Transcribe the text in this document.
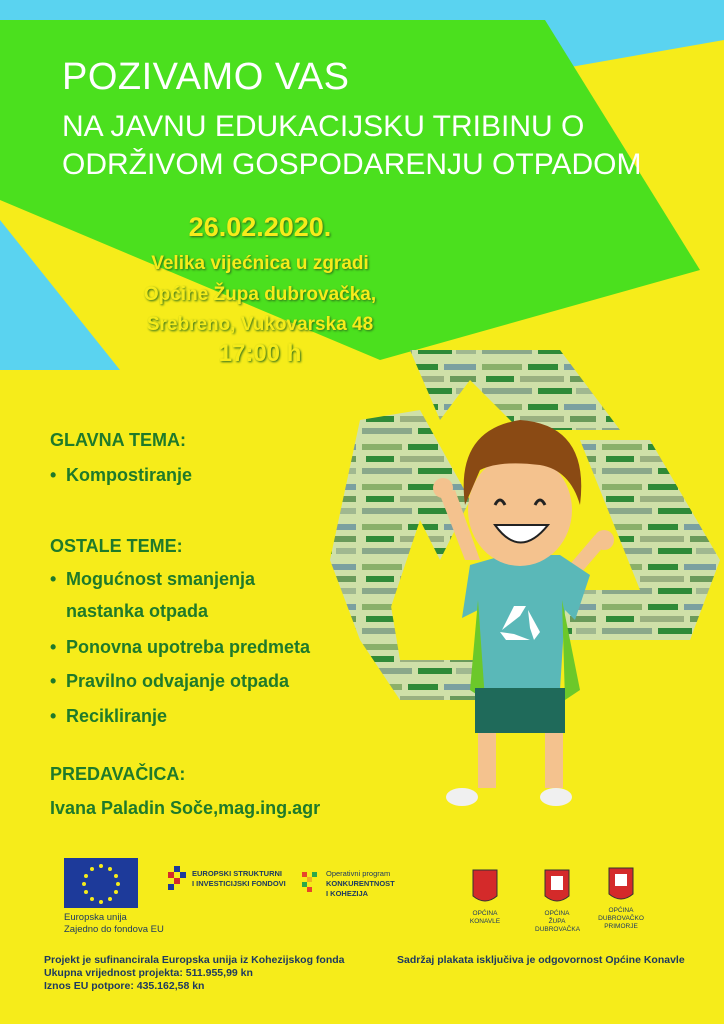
POZIVAMO VAS
NA JAVNU EDUKACIJSKU TRIBINU O
ODRŽIVOM GOSPODARENJU OTPADOM
26.02.2020.
Velika vijećnica u zgradi
Općine Župa dubrovačka,
Srebreno, Vukovarska 48
17:00 h
GLAVNA TEMA:
• Kompostiranje
OSTALE TEME:
• Mogućnost smanjenja
nastanka otpada
• Ponovna upotreba predmeta
• Pravilno odvajanje otpada
• Recikliranje
PREDAVAČICA:
Ivana Paladin Soče,mag.ing.agr
Europska unija
Zajedno do fondova EU
EUROPSKI STRUKTURNI
I INVESTICIJSKI FONDOVI
Operativni program
KONKURENTNOST
I KOHEZIJA
OPĆINA
KONAVLE
OPĆINA
ŽUPA
DUBROVAČKA
OPĆINA
DUBROVAČKO
PRIMORJE
Projekt je sufinancirala Europska unija iz Kohezijskog fonda
Ukupna vrijednost projekta: 511.955,99 kn
Iznos EU potpore: 435.162,58 kn
Sadržaj plakata isključiva je odgovornost Općine Konavle
